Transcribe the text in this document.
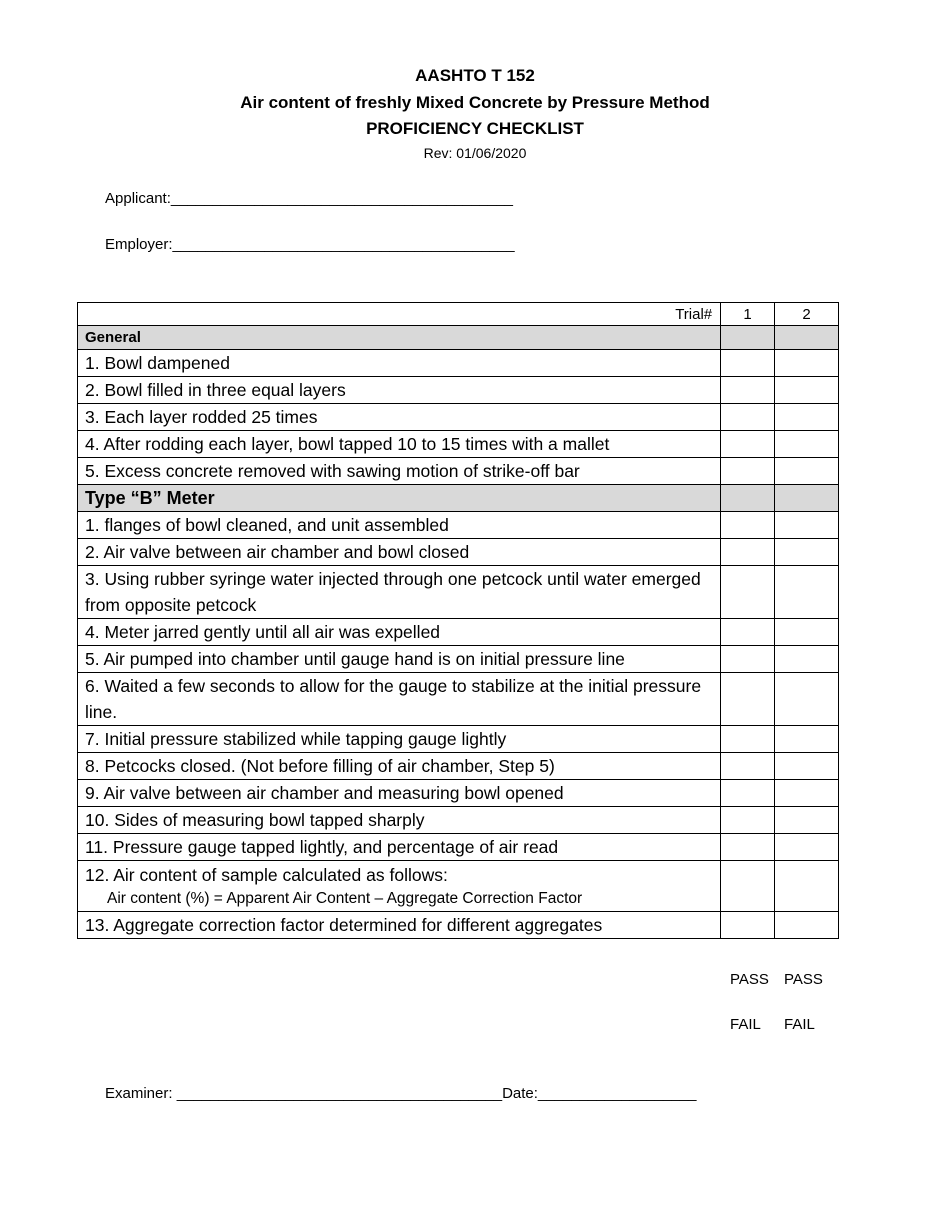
AASHTO T 152
Air content of freshly Mixed Concrete by Pressure Method
PROFICIENCY CHECKLIST
Rev: 01/06/2020
Applicant:_________________________________________
Employer:_________________________________________
Trial#	1	2
General		
1. Bowl dampened		
2. Bowl filled in three equal layers		
3. Each layer rodded 25 times		
4. After rodding each layer, bowl tapped 10 to 15 times with a mallet		
5. Excess concrete removed with sawing motion of strike-off bar		
Type “B” Meter		
1. flanges of bowl cleaned, and unit assembled		
2. Air valve between air chamber and bowl closed		
3. Using rubber syringe water injected through one petcock until water emerged from opposite petcock		
4. Meter jarred gently until all air was expelled		
5. Air pumped into chamber until gauge hand is on initial pressure line		
6. Waited a few seconds to allow for the gauge to stabilize at the initial pressure line.		
7. Initial pressure stabilized while tapping gauge lightly		
8. Petcocks closed. (Not before filling of air chamber, Step 5)		
9. Air valve between air chamber and measuring bowl opened		
10. Sides of measuring bowl tapped sharply		
11. Pressure gauge tapped lightly, and percentage of air read		

12. Air content of sample calculated as follows:
Air content (%) = Apparent Air Content – Aggregate Correction Factor		

13. Aggregate correction factor determined for different aggregates		
PASS PASS
FAIL FAIL
Examiner: _______________________________________Date:___________________
